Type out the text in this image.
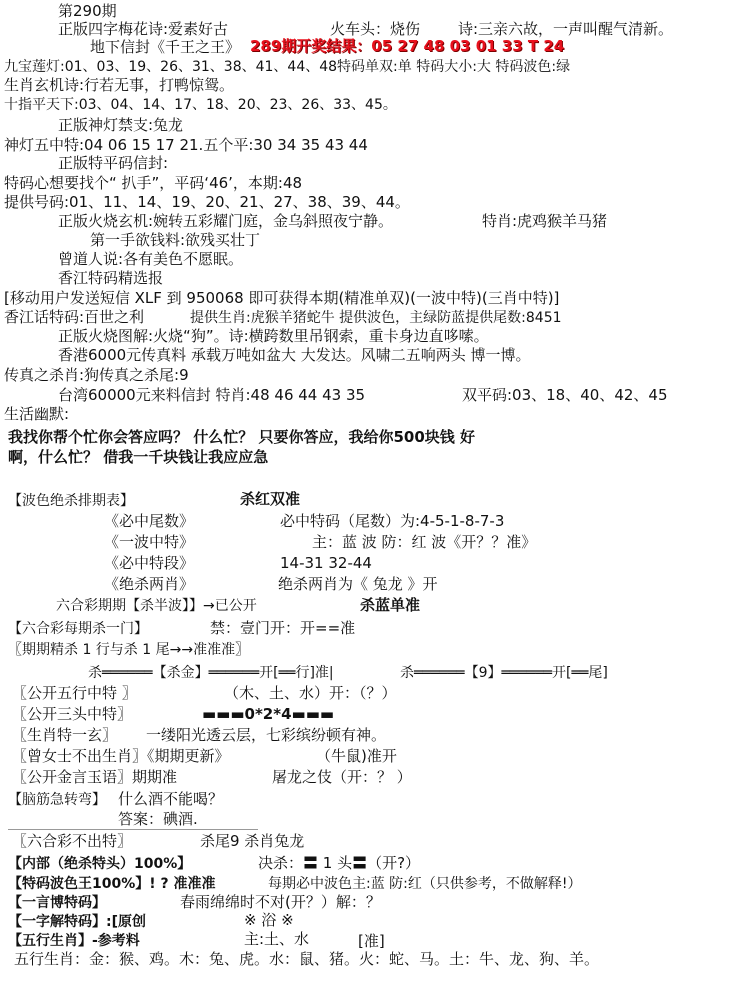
第290期
正版四字梅花诗:爱素好古	火车头：烧伤	诗:三亲六故，一声叫醒气清新。
地下信封《千王之王》 289期开奖结果：05 27 48 03 01 33 T 24
九宝莲灯:01、03、19、26、31、38、41、44、48特码单双:单 特码大小:大 特码波色:绿
生肖玄机诗:行若无事，打鸭惊鸳。
十指平天下:03、04、14、17、18、20、23、26、33、45。
正版神灯禁支:兔龙
神灯五中特:04 06 15 17 21.五个平:30 34 35 43 44
正版特平码信封:
特码心想要找个“ 扒手”，平码‘46’，本期:48
提供号码:01、11、14、19、20、21、27、38、39、44。
正版火烧玄机:婉转五彩耀门庭，金乌斜照夜宁静。	特肖:虎鸡猴羊马猪
第一手欲钱料:欲残买壮丁
曾道人说:各有美色不愿眠。
香江特码精选报
[移动用户发送短信 XLF 到 950068 即可获得本期(精准单双)(一波中特)(三肖中特)]
香江话特码:百世之利	提供生肖:虎猴羊猪蛇牛 提供波色，主绿防蓝提供尾数:8451
正版火烧图解:火烧“狗”。诗:横跨数里吊钢索，重卡身边直哆嗦。
香港6000元传真料 承载万吨如盆大 大发达。风啸二五响两头 博一博。
传真之杀肖:狗传真之杀尾:9
台湾60000元来料信封 特肖:48 46 44 43 35	双平码:03、18、40、42、45
生活幽默:
我找你帮个忙你会答应吗？ 什么忙？ 只要你答应，我给你500块钱 好
啊，什么忙？ 借我一千块钱让我应应急
【波色绝杀排期表】	杀红双准
《必中尾数》	必中特码（尾数）为:4-5-1-8-7-3
《一波中特》	主：蓝 波 防：红 波《开？？准》
《必中特段》	14-31 32-44
《绝杀两肖》	绝杀两肖为《 兔龙 》开
六合彩期期【杀半波】】→已公开	杀蓝单准
【六合彩每期杀一门】	禁：壹门开：开==准
〖期期精杀 1 行与杀 1 尾→→准准准〗
杀══════【杀金】══════开[══行]准|	杀══════【9】══════开[══尾]
〖公开五行中特 〗	（木、土、水）开：（？）
〖公开三头中特〗	▬▬▬0*2*4▬▬▬
〖生肖特一玄〗 一缕阳光透云层，七彩缤纷顿有神。
〖曾女士不出生肖〗《期期更新》	（牛鼠)准开
〖公开金言玉语〗期期准	屠龙之伎（开：？ ）
【脑筋急转弯】 什么酒不能喝？
答案：碘酒.
〖六合彩不出特〗	杀尾9 杀肖兔龙
【内部（绝杀特头）100%】	决杀：〓 1 头〓（开?）
【特码波色王100%】! ? 准准准	每期必中波色主:蓝 防:红（只供参考，不做解释!）
【一言博特码】	春雨绵绵时不对(开？）解：？
【一字解特码】:[原创	※ 浴 ※
【五行生肖】-参考料	主:土、水	[准]
五行生肖：金：猴、鸡。木：兔、虎。水：鼠、猪。火：蛇、马。土：牛、龙、狗、羊。
